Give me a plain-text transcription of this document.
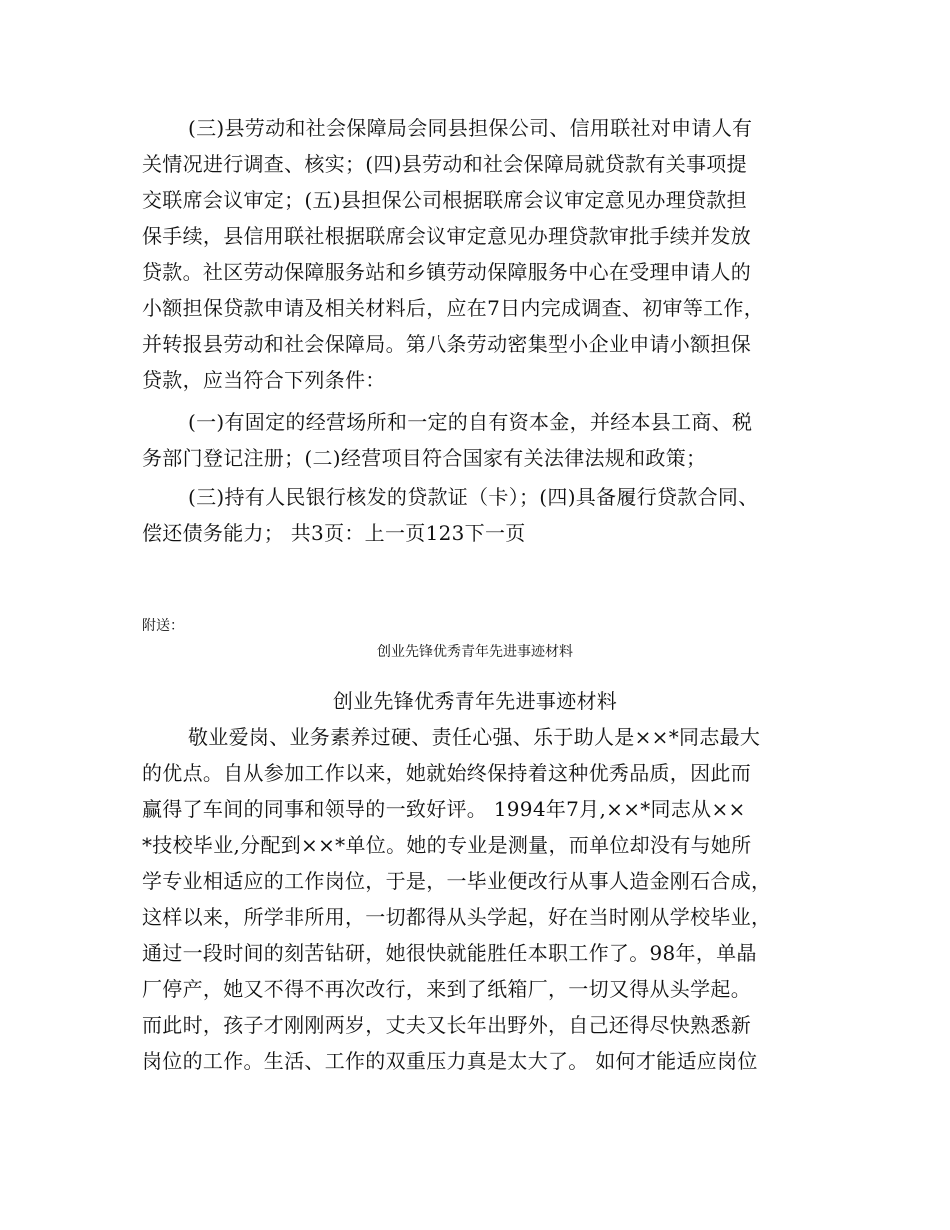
(三)县劳动和社会保障局会同县担保公司、信用联社对申请人有
关情况进行调查、核实；(四)县劳动和社会保障局就贷款有关事项提
交联席会议审定；(五)县担保公司根据联席会议审定意见办理贷款担
保手续，县信用联社根据联席会议审定意见办理贷款审批手续并发放
贷款。社区劳动保障服务站和乡镇劳动保障服务中心在受理申请人的
小额担保贷款申请及相关材料后，应在7日内完成调查、初审等工作，
并转报县劳动和社会保障局。第八条劳动密集型小企业申请小额担保
贷款，应当符合下列条件：
(一)有固定的经营场所和一定的自有资本金，并经本县工商、税
务部门登记注册；(二)经营项目符合国家有关法律法规和政策；
(三)持有人民银行核发的贷款证（卡）；(四)具备履行贷款合同、
偿还债务能力； 共3页：上一页123下一页
附送：
创业先锋优秀青年先进事迹材料
创业先锋优秀青年先进事迹材料
敬业爱岗、业务素养过硬、责任心强、乐于助人是××*同志最大
的优点。自从参加工作以来，她就始终保持着这种优秀品质，因此而
赢得了车间的同事和领导的一致好评。 1994年7月,××*同志从××
*技校毕业,分配到××*单位。她的专业是测量，而单位却没有与她所
学专业相适应的工作岗位，于是，一毕业便改行从事人造金刚石合成，
这样以来，所学非所用，一切都得从头学起，好在当时刚从学校毕业，
通过一段时间的刻苦钻研，她很快就能胜任本职工作了。98年，单晶
厂停产，她又不得不再次改行，来到了纸箱厂，一切又得从头学起。
而此时，孩子才刚刚两岁，丈夫又长年出野外，自己还得尽快熟悉新
岗位的工作。生活、工作的双重压力真是太大了。 如何才能适应岗位
